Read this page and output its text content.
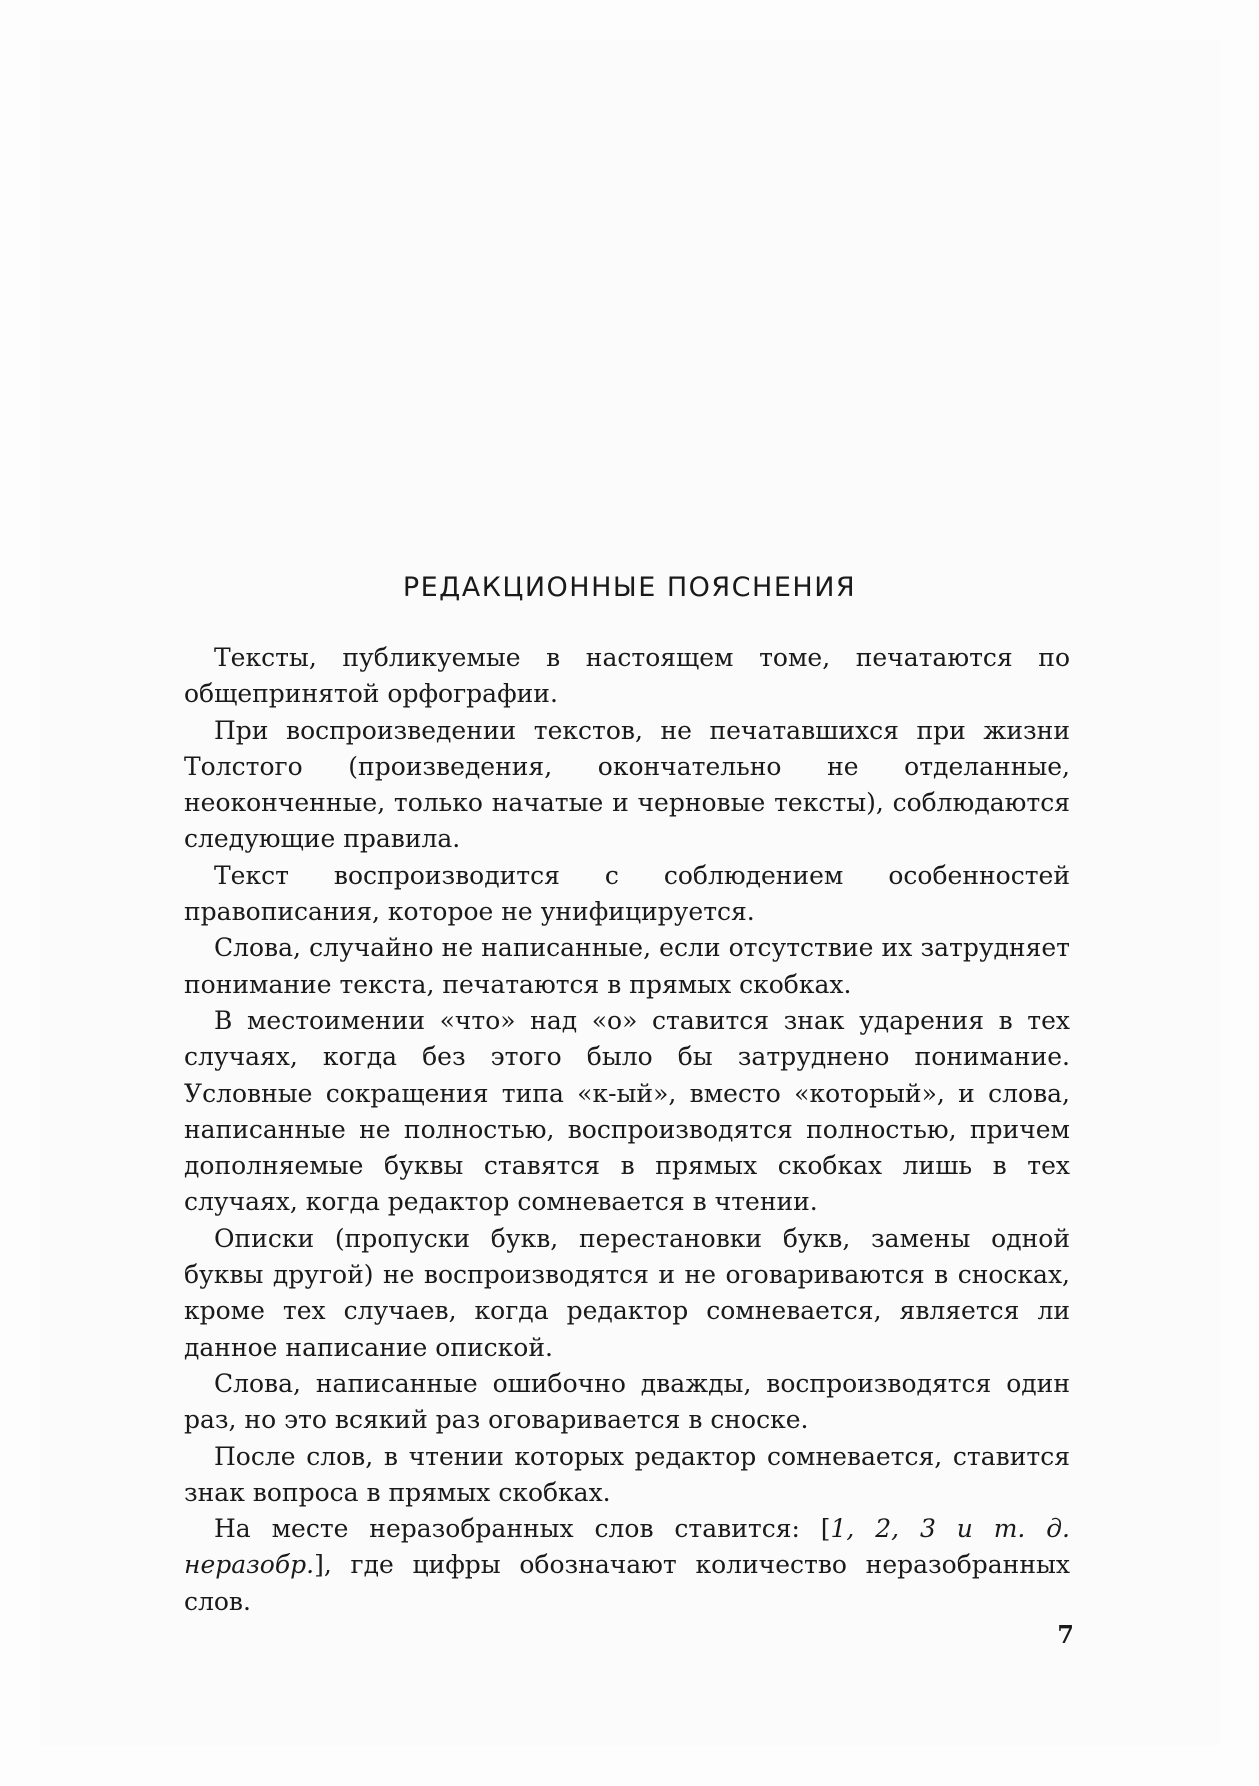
РЕДАКЦИОННЫЕ ПОЯСНЕНИЯ

Тексты, публикуемые в настоящем томе, печатаются по общепринятой орфографии.

При воспроизведении текстов, не печатавшихся при жизни Толстого (произведения, окончательно не отделанные, неоконченные, только начатые и черновые тексты), соблюдаются следующие правила.

Текст воспроизводится с соблюдением особенностей правописания, которое не унифицируется.

Слова, случайно не написанные, если отсутствие их затрудняет понимание текста, печатаются в прямых скобках.

В местоимении «что» над «о» ставится знак ударения в тех случаях, когда без этого было бы затруднено понимание. Условные сокращения типа «к-ый», вместо «который», и слова, написанные не полностью, воспроизводятся полностью, причем дополняемые буквы ставятся в прямых скобках лишь в тех случаях, когда редактор сомневается в чтении.

Описки (пропуски букв, перестановки букв, замены одной буквы другой) не воспроизводятся и не оговариваются в сносках, кроме тех случаев, когда редактор сомневается, является ли данное написание опиской.

Слова, написанные ошибочно дважды, воспроизводятся один раз, но это всякий раз оговаривается в сноске.

После слов, в чтении которых редактор сомневается, ставится знак вопроса в прямых скобках.

На месте неразобранных слов ставится: [1, 2, 3 и т. д. неразобр.], где цифры обозначают количество неразобранных слов.

7
